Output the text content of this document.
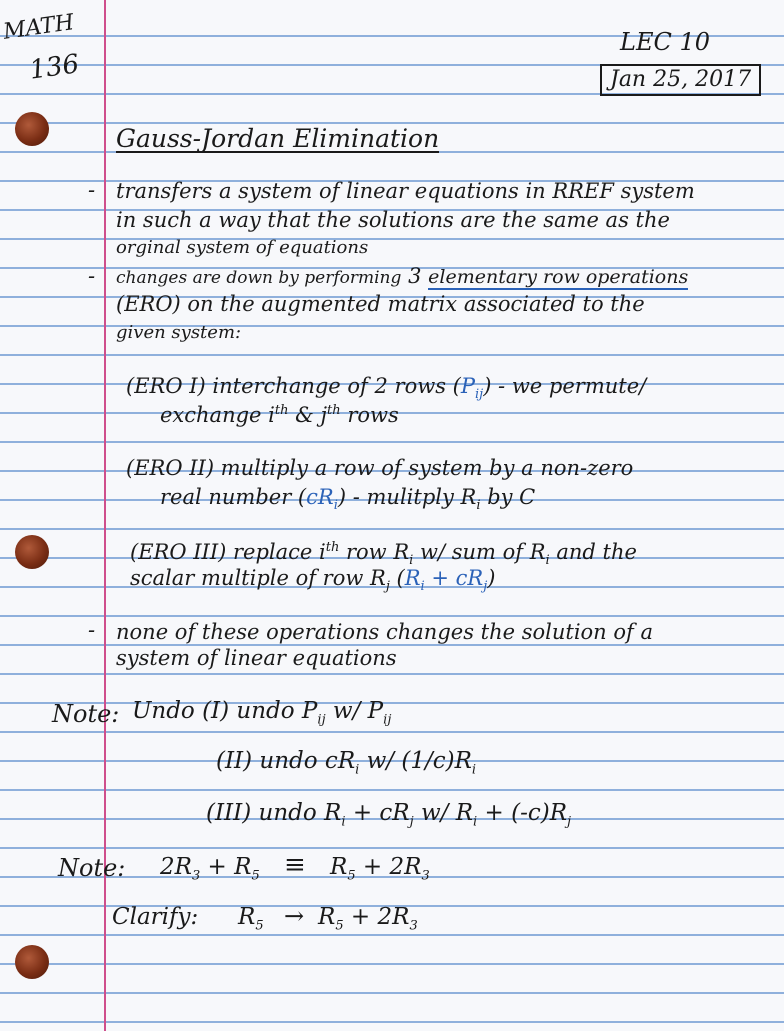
MATH
136
LEC 10
Jan 25, 2017
Gauss-Jordan Elimination
- transfers a system of linear equations in RREF system
in such a way that the solutions are the same as the
orginal system of equations
- changes are down by performing 3 elementary row operations
(ERO) on the augmented matrix associated to the
given system:
(ERO I) interchange of 2 rows $(P_{ij})$ - we permute/
exchange $i^{th}$ & $j^{th}$ rows
(ERO II) multiply a row of system by a non-zero
real number $(cR_i)$ - mulitply $R_i$ by C
(ERO III) replace $i^{th}$ row $R_i$ w/ sum of $R_i$ and the
scalar multiple of row $R_j$ $(R_i + cR_j)$
- none of these operations changes the solution of a
system of linear equations
Note: Undo (I) undo $P_{ij}$ w/ $P_{ij}$
(II) undo $cR_i$ w/ $(1/c)R_i$
(III) undo $R_i + cR_j$ w/ $R_i + (-c)R_j$
Note: $2R_3 + R_5 \equiv R_5 + 2R_3$
Clarify: $R_5 \to R_5 + 2R_3$
